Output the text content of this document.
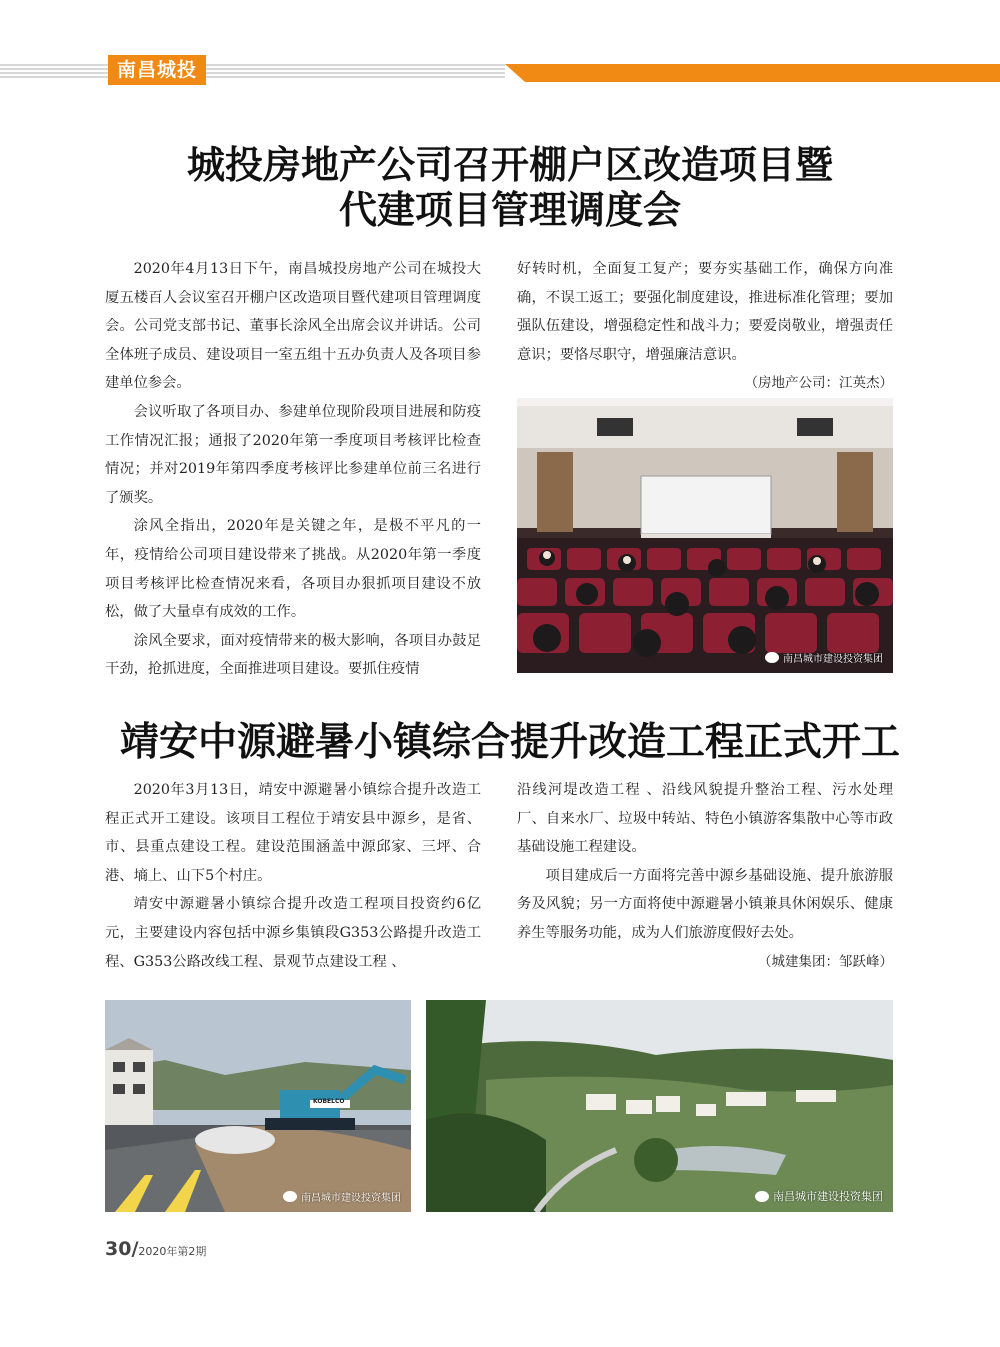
南昌城投
城投房地产公司召开棚户区改造项目暨
代建项目管理调度会

2020年4月13日下午，南昌城投房地产公司在城投大厦五楼百人会议室召开棚户区改造项目暨代建项目管理调度会。公司党支部书记、董事长涂风全出席会议并讲话。公司全体班子成员、建设项目一室五组十五办负责人及各项目参建单位参会。

会议听取了各项目办、参建单位现阶段项目进展和防疫工作情况汇报；通报了2020年第一季度项目考核评比检查情况；并对2019年第四季度考核评比参建单位前三名进行了颁奖。

涂风全指出，2020年是关键之年，是极不平凡的一年，疫情给公司项目建设带来了挑战。从2020年第一季度项目考核评比检查情况来看，各项目办狠抓项目建设不放松，做了大量卓有成效的工作。

涂风全要求，面对疫情带来的极大影响，各项目办鼓足干劲，抢抓进度，全面推进项目建设。要抓住疫情

好转时机，全面复工复产；要夯实基础工作，确保方向准确，不误工返工；要强化制度建设，推进标准化管理；要加强队伍建设，增强稳定性和战斗力；要爱岗敬业，增强责任意识；要恪尽职守，增强廉洁意识。

（房地产公司：江英杰）
南昌城市建设投资集团
靖安中源避暑小镇综合提升改造工程正式开工

2020年3月13日，靖安中源避暑小镇综合提升改造工程正式开工建设。该项目工程位于靖安县中源乡，是省、市、县重点建设工程。建设范围涵盖中源邱家、三坪、合港、墒上、山下5个村庄。

靖安中源避暑小镇综合提升改造工程项目投资约6亿元，主要建设内容包括中源乡集镇段G353公路提升改造工程、G353公路改线工程、景观节点建设工程 、

沿线河堤改造工程 、沿线风貌提升整治工程、污水处理厂、自来水厂、垃圾中转站、特色小镇游客集散中心等市政基础设施工程建设。

项目建成后一方面将完善中源乡基础设施、提升旅游服务及风貌；另一方面将使中源避暑小镇兼具休闲娱乐、健康养生等服务功能，成为人们旅游度假好去处。

（城建集团：邹跃峰）
KOBELCO
南昌城市建设投资集团	南昌城市建设投资集团
30/2020年第2期
